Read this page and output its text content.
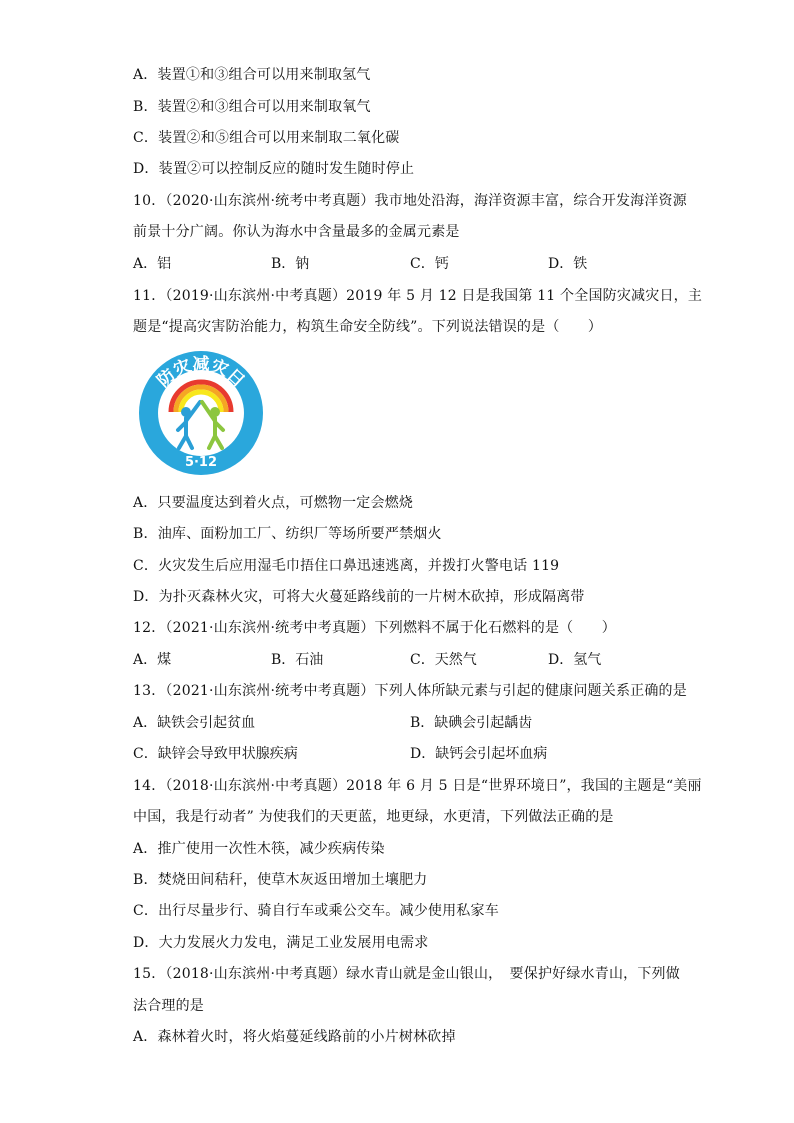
A．装置①和③组合可以用来制取氢气
B．装置②和③组合可以用来制取氧气
C．装置②和⑤组合可以用来制取二氧化碳
D．装置②可以控制反应的随时发生随时停止
10．（2020·山东滨州·统考中考真题）我市地处沿海，海洋资源丰富，综合开发海洋资源
前景十分广阔。你认为海水中含量最多的金属元素是
A．铝	B．钠	C．钙	D．铁
11．（2019·山东滨州·中考真题）2019 年 5 月 12 日是我国第 11 个全国防灾减灾日，主
题是“提高灾害防治能力，构筑生命安全防线”。下列说法错误的是（　　）
防灾减灾日
5·12
A．只要温度达到着火点，可燃物一定会燃烧
B．油库、面粉加工厂、纺织厂等场所要严禁烟火
C．火灾发生后应用湿毛巾捂住口鼻迅速逃离，并拨打火警电话 119
D．为扑灭森林火灾，可将大火蔓延路线前的一片树木砍掉，形成隔离带
12．（2021·山东滨州·统考中考真题）下列燃料不属于化石燃料的是（　　）
A．煤	B．石油	C．天然气	D．氢气
13．（2021·山东滨州·统考中考真题）下列人体所缺元素与引起的健康问题关系正确的是
A．缺铁会引起贫血	B．缺碘会引起龋齿
C．缺锌会导致甲状腺疾病	D．缺钙会引起坏血病
14．（2018·山东滨州·中考真题）2018 年 6 月 5 日是“世界环境日”，我国的主题是“美丽
中国，我是行动者” 为使我们的天更蓝，地更绿，水更清，下列做法正确的是
A．推广使用一次性木筷，减少疾病传染
B．焚烧田间秸秆，使草木灰返田增加土壤肥力
C．出行尽量步行、骑自行车或乘公交车。减少使用私家车
D．大力发展火力发电，满足工业发展用电需求
15．（2018·山东滨州·中考真题）绿水青山就是金山银山，　要保护好绿水青山，下列做
法合理的是
A．森林着火时，将火焰蔓延线路前的小片树林砍掉
